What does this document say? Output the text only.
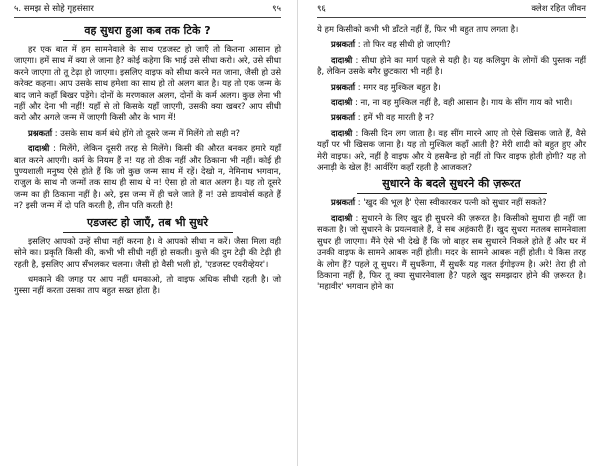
५. समझ से सोहे गृहसंसार	९५
वह सुधरा हुआ कब तक टिके ?

हर एक बात में हम सामनेवाले के साथ एडजस्ट हो जाएँ तो कितना आसान हो जाएगा। हमें साथ में क्या ले जाना है? कोई कहेगा कि भाई उसे सीधा करो। अरे, उसे सीधा करने जाएगा तो तू टेढ़ा हो जाएगा। इसलिए वाइफ को सीधा करने मत जाना, जैसी हो उसे करेक्ट कहना। आप उसके साथ हमेशा का साथ हो तो अलग बात है। यह तो एक जन्म के बाद जाने कहाँ बिखर पड़ेंगे। दोनों के मरणकाल अलग, दोनों के कर्म अलग। कुछ लेना भी नहीं और देना भी नहीं! यहाँ से तो किसके यहाँ जाएगी, उसकी क्या खबर? आप सीधी करो और अगले जन्म में जाएगी किसी और के भाग में!

प्रश्नकर्ता : उसके साथ कर्म बंधे होंगे तो दूसरे जन्म में मिलेंगे तो सही न?

दादाश्री : मिलेंगे, लेकिन दूसरी तरह से मिलेंगे। किसी की औरत बनकर हमारे यहाँ बात करने आएगी। कर्म के नियम हैं न! यह तो ठीक नहीं और ठिकाना भी नहीं। कोई ही पुण्यशाली मनुष्य ऐसे होते हैं कि जो कुछ जन्म साथ में रहें। देखो न, नेमिनाथ भगवान, राजुल के साथ नौ जन्मों तक साथ ही साथ थे न! ऐसा हो तो बात अलग है। यह तो दूसरे जन्म का ही ठिकाना नहीं है। अरे, इस जन्म में ही चले जाते हैं न! उसे डायवोर्स कहते हैं न? इसी जन्म में दो पति करती है, तीन पति करती है!

एडजस्ट हो जाएँ, तब भी सुधरे

इसलिए आपको उन्हें सीधा नहीं करना है। वे आपको सीधा न करें। जैसा मिला वही सोने का। प्रकृति किसी की, कभी भी सीधी नहीं हो सकती। कुत्ते की दुम टेढ़ी की टेढ़ी ही रहती है, इसलिए आप सँभलकर चलना। जैसी हो वैसी भली हो, 'एडजस्ट एवरीव्हेयर'।

धमकाने की जगह पर आप नहीं धमकाओ, तो वाइफ अधिक सीधी रहती है। जो गुस्सा नहीं करता उसका ताप बहुत सख्त होता है।

९६	क्लेश रहित जीवन

ये हम किसीको कभी भी डाँटते नहीं हैं, फिर भी बहुत ताप लगता है।

प्रश्नकर्ता : तो फिर वह सीधी हो जाएगी?

दादाश्री : सीधा होने का मार्ग पहले से यही है। यह कलियुग के लोगों की पुस्तक नहीं है, लेकिन उसके बगैर छुटकारा भी नहीं है।

प्रश्नकर्ता : मगर वह मुश्किल बहुत है।

दादाश्री : ना, ना वह मुश्किल नहीं है, वही आसान है। गाय के सींग गाय को भारी।

प्रश्नकर्ता : हमें भी वह मारती है न?

दादाश्री : किसी दिन लग जाता है। वह सींग मारने आए तो ऐसे खिसक जाते हैं, वैसे यहाँ पर भी खिसक जाना है। यह तो मुश्किल कहाँ आती है? मेरी शादी को बहुत हुए और मेरी वाइफ। अरे, नहीं है वाइफ और ये हसबैन्ड हो नहीं तो फिर वाइफ होती होगी? यह तो अनाड़ी के खेल हैं! आर्वरिंग कहाँ रहती है आजकल?

सुधारने के बदले सुधरने की ज़रूरत

प्रश्नकर्ता : 'खुद की भूल है' ऐसा स्वीकारकर पत्नी को सुधार नहीं सकते?

दादाश्री : सुधारने के लिए खुद ही सुधरने की ज़रूरत है। किसीको सुधारा ही नहीं जा सकता है। जो सुधारने के प्रयत्नवाले हैं, वे सब अहंकारी हैं। खुद सुधरा मतलब सामनेवाला सुधर ही जाएगा। मैंने ऐसे भी देखे हैं कि जो बाहर सब सुधारने निकले होते हैं और घर में उनकी वाइफ के सामने आबरू नहीं होती। मदर के सामने आबरू नहीं होती। ये किस तरह के लोग हैं? पहले तू सुधर। मैं सुधरूँगा, मैं सुधरूँ यह गलत ईगोइज्म है। अरे! तेरा ही तो ठिकाना नहीं है, फिर तू क्या सुधारनेवाला है? पहले खुद समझदार होने की ज़रूरत है। 'महावीर' भगवान होने का
